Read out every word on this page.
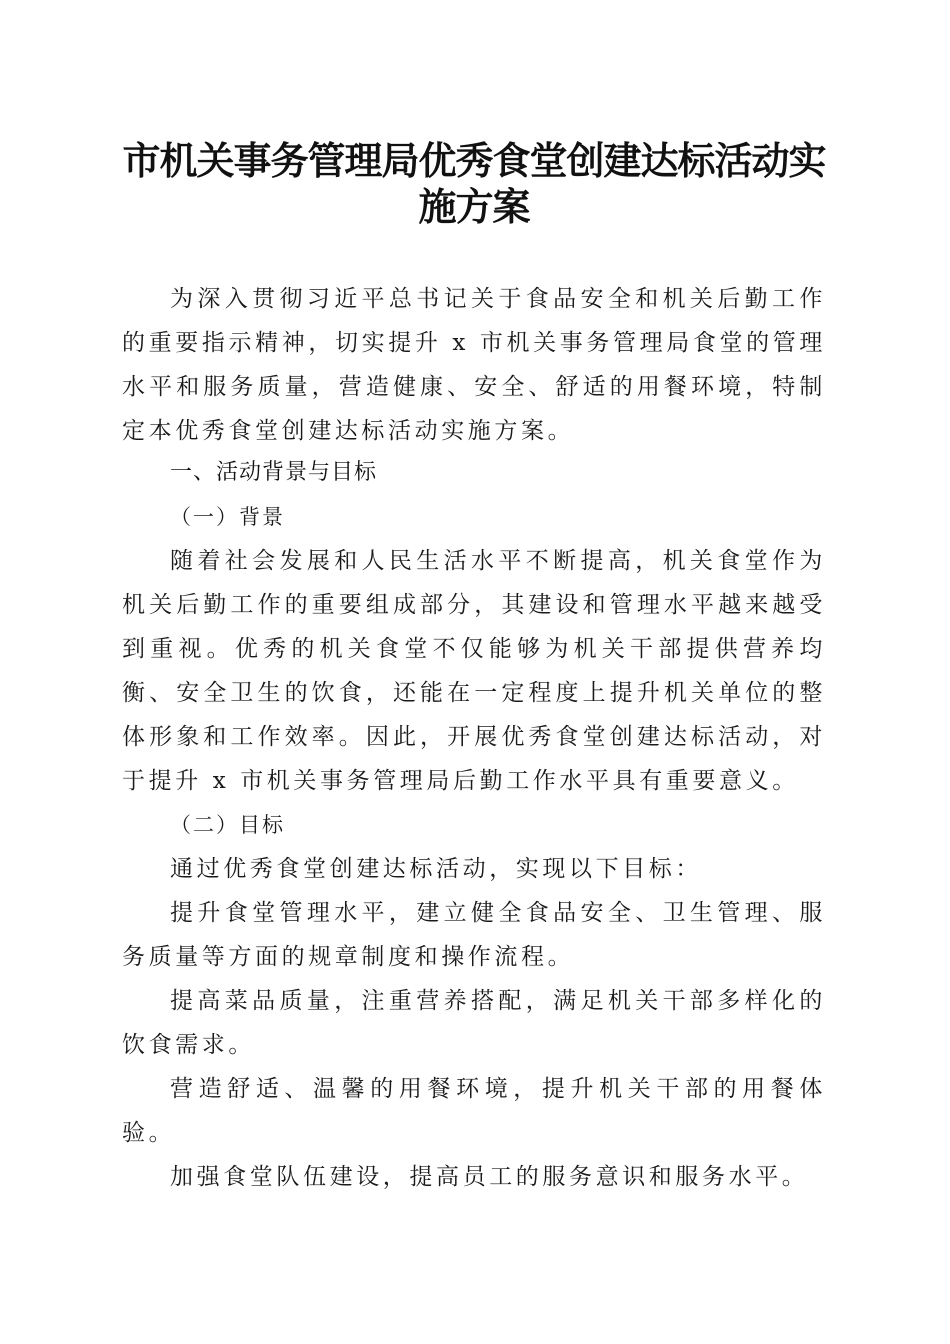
市机关事务管理局优秀食堂创建达标活动实施方案

为深入贯彻习近平总书记关于食品安全和机关后勤工作的重要指示精神，切实提升 x 市机关事务管理局食堂的管理水平和服务质量，营造健康、安全、舒适的用餐环境，特制定本优秀食堂创建达标活动实施方案。

一、活动背景与目标

（一）背景

随着社会发展和人民生活水平不断提高，机关食堂作为机关后勤工作的重要组成部分，其建设和管理水平越来越受到重视。优秀的机关食堂不仅能够为机关干部提供营养均衡、安全卫生的饮食，还能在一定程度上提升机关单位的整体形象和工作效率。因此，开展优秀食堂创建达标活动，对于提升 x 市机关事务管理局后勤工作水平具有重要意义。

（二）目标

通过优秀食堂创建达标活动，实现以下目标：

提升食堂管理水平，建立健全食品安全、卫生管理、服务质量等方面的规章制度和操作流程。

提高菜品质量，注重营养搭配，满足机关干部多样化的饮食需求。

营造舒适、温馨的用餐环境，提升机关干部的用餐体验。

加强食堂队伍建设，提高员工的服务意识和服务水平。
